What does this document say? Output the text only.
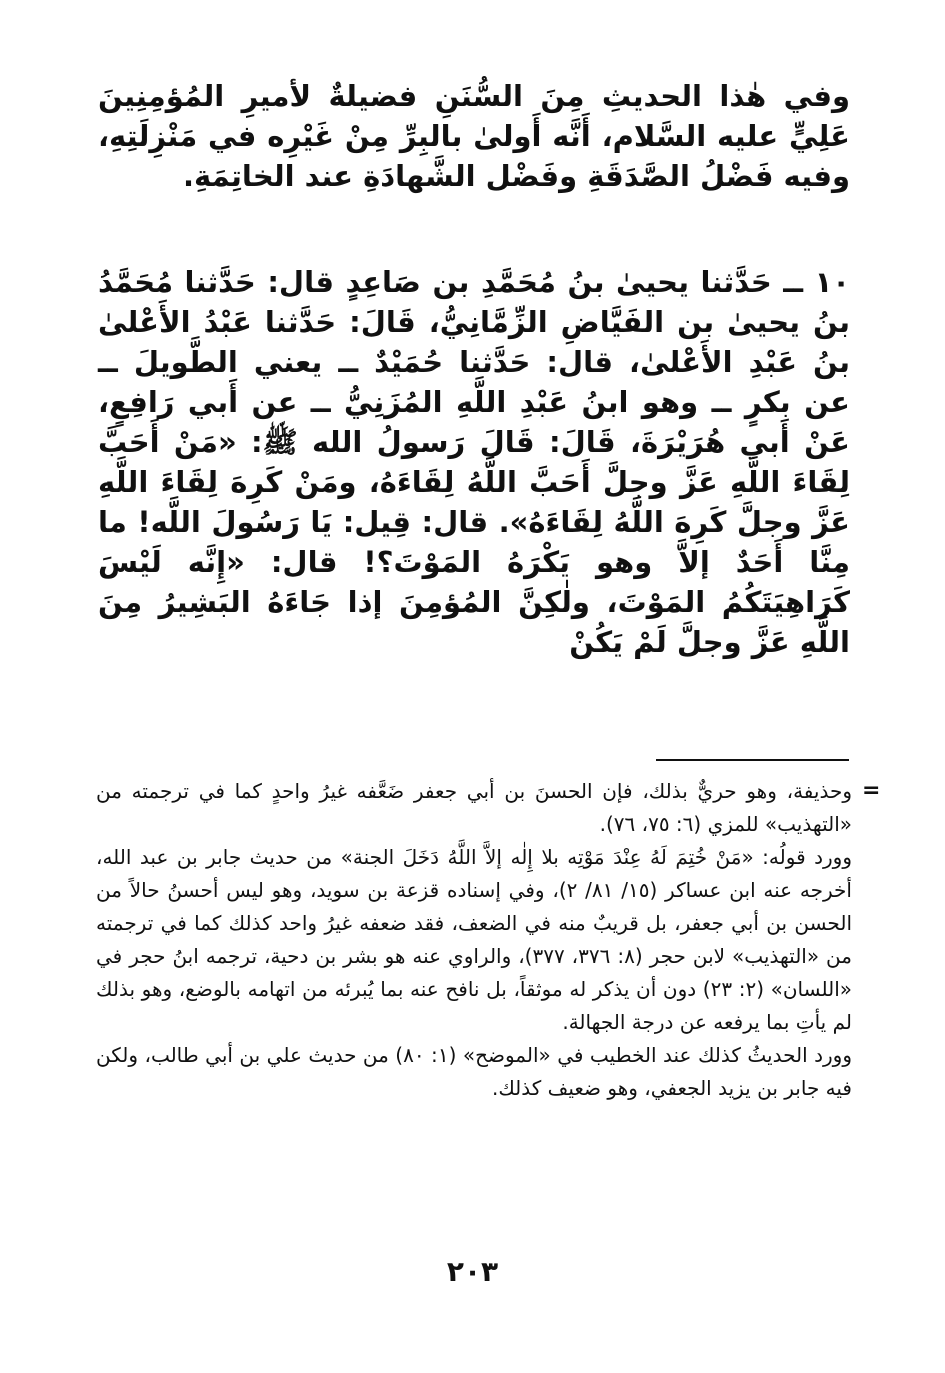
وفي هٰذا الحديثِ مِنَ السُّنَنِ فضيلةٌ لأميرِ المُؤمِنِينَ عَلِيٍّ عليه السَّلام، أَنَّه أَولىٰ بالبِرِّ مِنْ غَيْرِه في مَنْزِلَتِهِ، وفيه فَضْلُ الصَّدَقَةِ وفَضْل الشَّهادَةِ عند الخاتِمَةِ.

١٠ ــ حَدَّثنا يحيىٰ بنُ مُحَمَّدِ بن صَاعِدٍ قال: حَدَّثنا مُحَمَّدُ بنُ يحيىٰ بن الفَيَّاضِ الزِّمَّانِيُّ، قَالَ: حَدَّثنا عَبْدُ الأَعْلىٰ بنُ عَبْدِ الأَعْلىٰ، قال: حَدَّثنا حُمَيْدٌ ــ يعني الطَّويلَ ــ عن بكرٍ ــ وهو ابنُ عَبْدِ اللَّهِ المُزَنِيُّ ــ عن أَبي رَافِعٍ، عَنْ أَبي هُرَيْرَةَ، قَالَ: قَالَ رَسولُ الله ﷺ: «مَنْ أَحَبَّ لِقَاءَ اللَّهِ عَزَّ وجلَّ أَحَبَّ اللَّهُ لِقَاءَهُ، ومَنْ كَرِهَ لِقَاءَ اللَّهِ عَزَّ وجلَّ كَرِهَ اللَّهُ لِقَاءَهُ». قال: قِيل: يَا رَسُولَ اللَّه! ما مِنَّا أَحَدٌ إلاَّ وهو يَكْرَهُ المَوْتَ؟! قال: «إِنَّه لَيْسَ كَرَاهِيَتَكُمُ المَوْتَ، ولٰكِنَّ المُؤمِنَ إذا جَاءَهُ البَشِيرُ مِنَ اللَّهِ عَزَّ وجلَّ لَمْ يَكُنْ

=

وحذيفة، وهو حريٌّ بذلك، فإن الحسنَ بن أبي جعفر ضَعَّفه غيرُ واحدٍ كما في ترجمته من «التهذيب» للمزي (٦: ٧٥، ٧٦).

وورد قولُه: «مَنْ خُتِمَ لَهُ عِنْدَ مَوْتِه بلا إِلٰه إلاَّ اللَّهُ دَخَلَ الجنة» من حديث جابر بن عبد الله، أخرجه عنه ابن عساكر (١٥/ ٨١/ ٢)، وفي إسناده قزعة بن سويد، وهو ليس أحسنُ حالاً من الحسن بن أبي جعفر، بل قريبٌ منه في الضعف، فقد ضعفه غيرُ واحد كذلك كما في ترجمته من «التهذيب» لابن حجر (٨: ٣٧٦، ٣٧٧)، والراوي عنه هو بشر بن دحية، ترجمه ابنُ حجر في «اللسان» (٢: ٢٣) دون أن يذكر له موثقاً، بل نافح عنه بما يُبرئه من اتهامه بالوضع، وهو بذلك لم يأتِ بما يرفعه عن درجة الجهالة.

وورد الحديثُ كذلك عند الخطيب في «الموضح» (١: ٨٠) من حديث علي بن أبي طالب، ولكن فيه جابر بن يزيد الجعفي، وهو ضعيف كذلك.

٢٠٣
